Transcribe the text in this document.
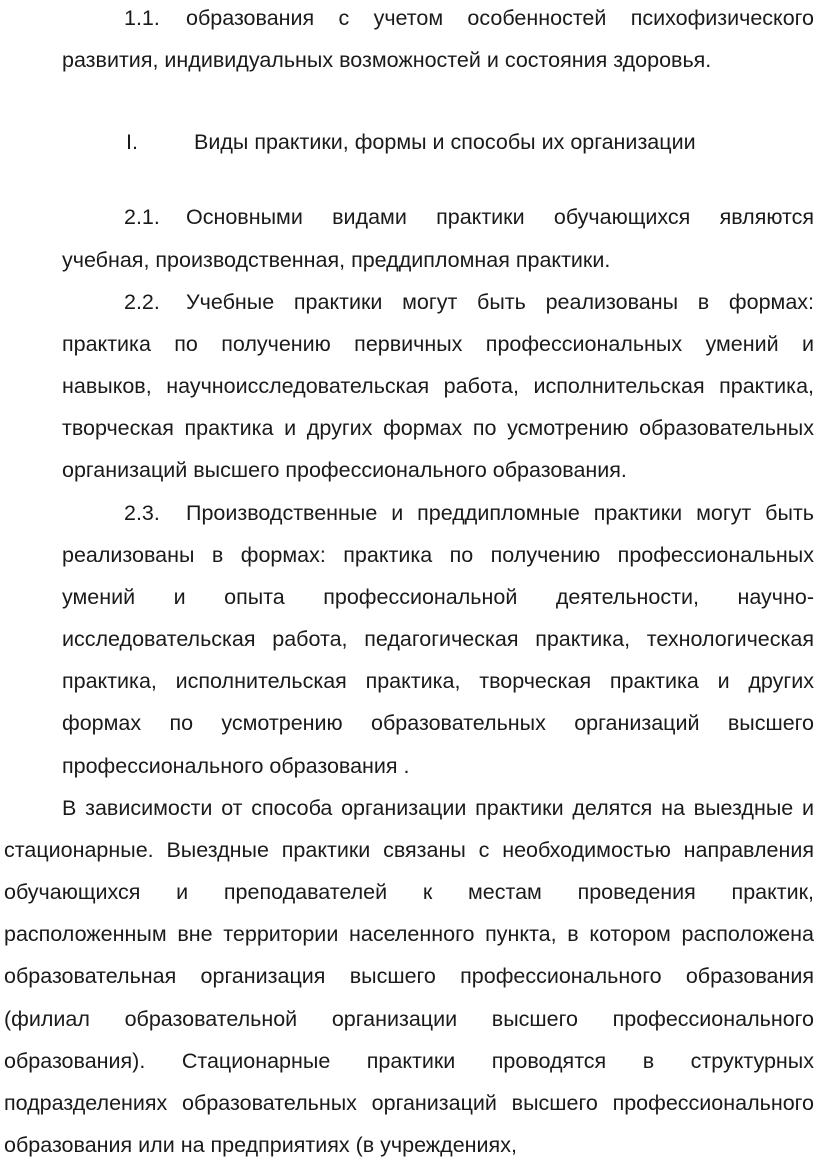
1.1. образования с учетом особенностей психофизического
развития, индивидуальных возможностей и состояния здоровья.
I.	Виды практики, формы и способы их организации
2.1. Основными видами практики обучающихся являются
учебная, производственная, преддипломная практики.
2.2. Учебные практики могут быть реализованы в формах:
практика по получению первичных профессиональных умений и
навыков, научноисследовательская работа, исполнительская практика,
творческая практика и других формах по усмотрению образовательных
организаций высшего профессионального образования.
2.3. Производственные и преддипломные практики могут быть
реализованы в формах: практика по получению профессиональных
умений и опыта профессиональной деятельности, научно-
исследовательская работа, педагогическая практика, технологическая
практика, исполнительская практика, творческая практика и других
формах по усмотрению образовательных организаций высшего
профессионального образования .
В зависимости от способа организации практики делятся на выездные и
стационарные. Выездные практики связаны с необходимостью направления
обучающихся и преподавателей к местам проведения практик,
расположенным вне территории населенного пункта, в котором расположена
образовательная организация высшего профессионального образования
(филиал образовательной организации высшего профессионального
образования). Стационарные практики проводятся в структурных
подразделениях образовательных организаций высшего профессионального
образования или на предприятиях (в учреждениях,
